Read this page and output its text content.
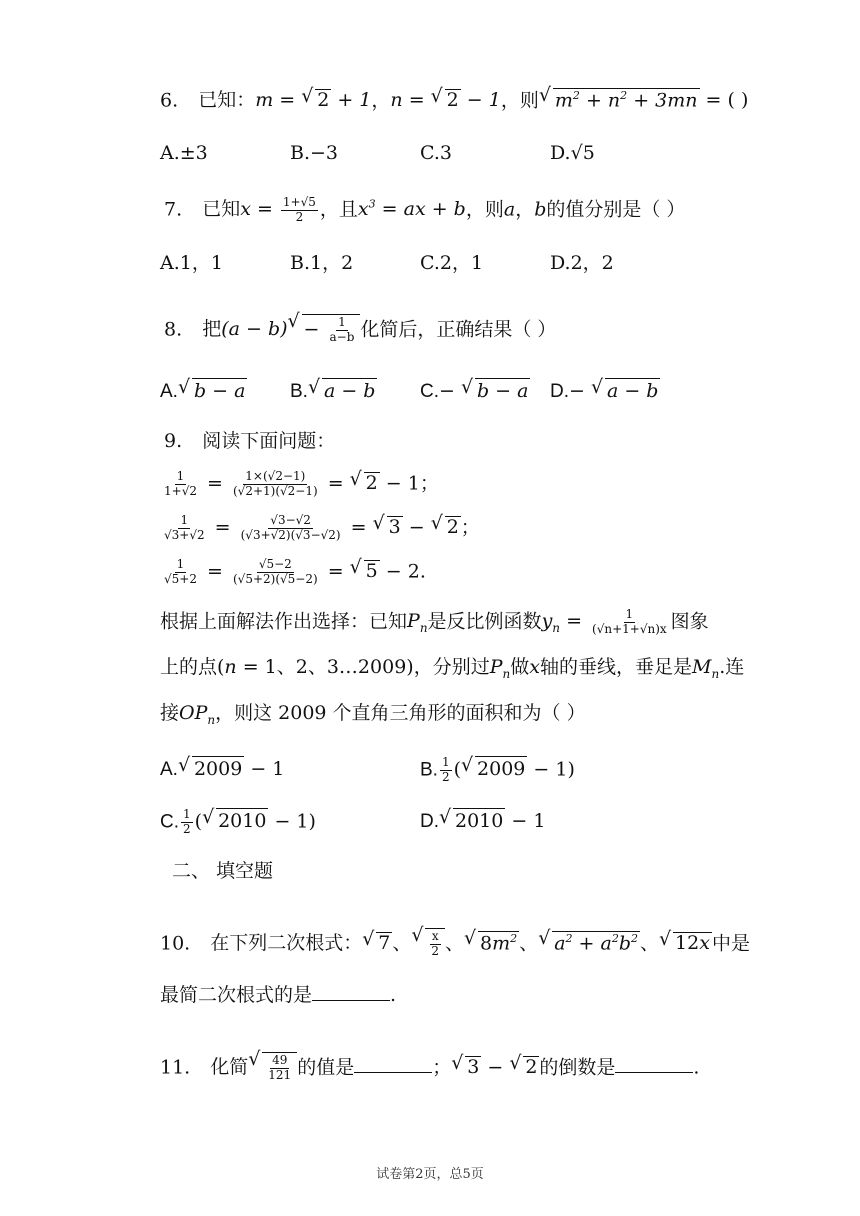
6. 已知：m = √ 2 + 1，n = √ 2 − 1，则√ $m^2 + n^2 + 3mn$ = ( )
A.±3	B.−3	C.3	D.√5
7. 已知$x = \frac{1+√5}{2}$ ，且$x^3$ = ax + b，则a，b的值分别是（ ）
A.1，1	B.1，2	C.2，1	D.2，2
8. 把$(a - b)√ - \frac{1}{a-b}$ 化简后，正确结果（ ）
A.√ b − a B.√ a − b C.− √ b − a D.− √ a − b
9. 阅读下面问题：
$\frac{1}{1+√2} = \frac{1\times(√2-1)}{(√2+1)(√2-1)}$ = √ 2 − 1；
$\frac{1}{√3+√2} = \frac{√3-√2}{(√3+√2)(√3-√2)}$ = √ 3 − √ 2 ；
$\frac{1}{√5+2} = \frac{√5-2}{(√5+2)(√5-2)}$ = √ 5 − 2.
根据上面解法作出选择：已知$P_n$是反比例函数$y_n = \frac{1}{(√n+1+√n)x}$ 图象
上的点(n = 1、2、3…2009)，分别过$P_n$做x轴的垂线，垂足是$M_n$.连
接$OP_n$，则这 2009 个直角三角形的面积和为（ ）
A.√ 2009 − 1	B. $\frac{1}{2}$ (√ 2009 − 1)
C. $\frac{1}{2}$ (√ 2010 − 1)	D.√ 2010 − 1
二、 填空题
10. 在下列二次根式：√ 7 、
√ $\frac{x}{2}$ 、√ $8m^2$ 、√ $a^2 + a^2b^2$ 、√ 12x 中是
最简二次根式的是	.
11. 化简
√ $\frac{49}{121}$ 的值是	；√ 3 − √ 2 的倒数是	.
试卷第2页，总5页
